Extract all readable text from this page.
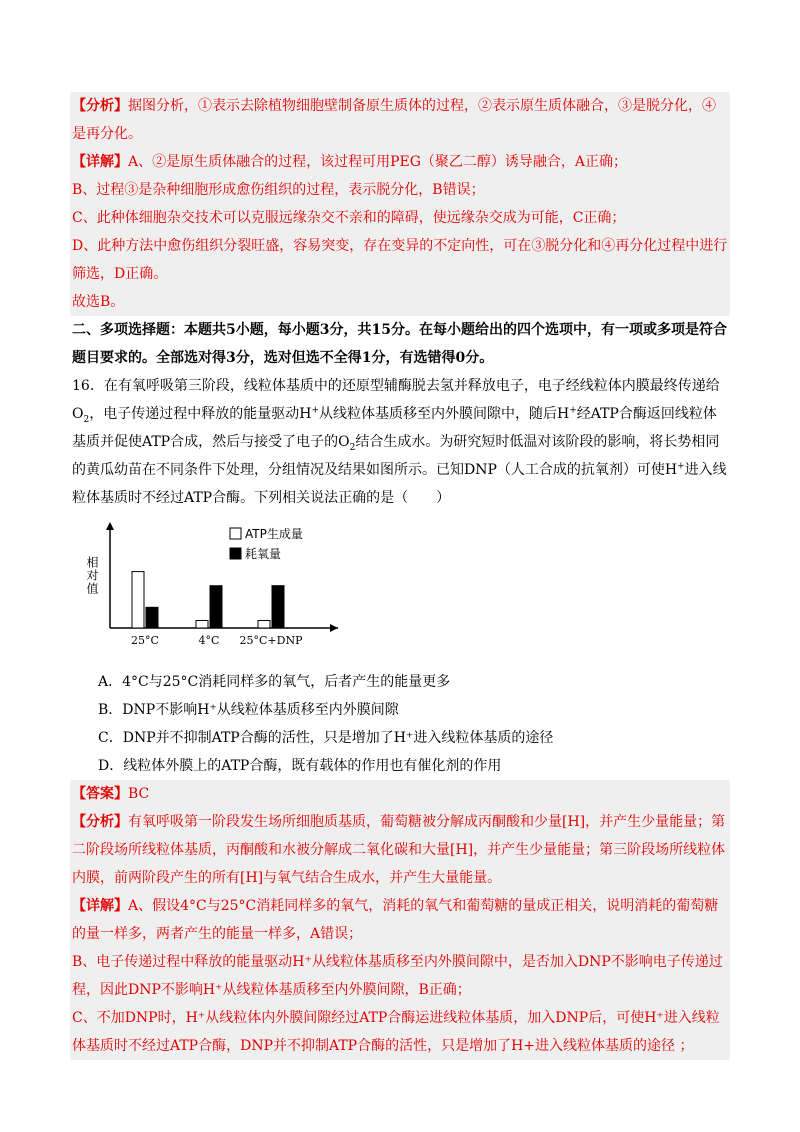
【分析】据图分析，①表示去除植物细胞壁制备原生质体的过程，②表示原生质体融合，③是脱分化，④是再分化。

【详解】A、②是原生质体融合的过程，该过程可用PEG（聚乙二醇）诱导融合，A正确；

B、过程③是杂种细胞形成愈伤组织的过程，表示脱分化，B错误；

C、此种体细胞杂交技术可以克服远缘杂交不亲和的障碍，使远缘杂交成为可能，C正确；

D、此种方法中愈伤组织分裂旺盛，容易突变，存在变异的不定向性，可在③脱分化和④再分化过程中进行筛选，D正确。

故选B。

二、多项选择题：本题共5小题，每小题3分，共15分。在每小题给出的四个选项中，有一项或多项是符合题目要求的。全部选对得3分，选对但选不全得1分，有选错得0分。

16．在有氧呼吸第三阶段，线粒体基质中的还原型辅酶脱去氢并释放电子，电子经线粒体内膜最终传递给$O_2$，电子传递过程中释放的能量驱动H+从线粒体基质移至内外膜间隙中，随后H+经ATP合酶返回线粒体基质并促使ATP合成，然后与接受了电子的$O_2$结合生成水。为研究短时低温对该阶段的影响，将长势相同的黄瓜幼苗在不同条件下处理，分组情况及结果如图所示。已知DNP（人工合成的抗氧剂）可使H+进入线粒体基质时不经过ATP合酶。下列相关说法正确的是（　　）

相对值
25°C	4°C 25°C+DNP
ATP生成量
耗氧量

A．4°C与25°C消耗同样多的氧气，后者产生的能量更多

B．DNP不影响H⁺从线粒体基质移至内外膜间隙

C．DNP并不抑制ATP合酶的活性，只是增加了H⁺进入线粒体基质的途径

D．线粒体外膜上的ATP合酶，既有载体的作用也有催化剂的作用

【答案】BC

【分析】有氧呼吸第一阶段发生场所细胞质基质，葡萄糖被分解成丙酮酸和少量[H]，并产生少量能量；第二阶段场所线粒体基质，丙酮酸和水被分解成二氧化碳和大量[H]，并产生少量能量；第三阶段场所线粒体内膜，前两阶段产生的所有[H]与氧气结合生成水，并产生大量能量。

【详解】A、假设4°C与25°C消耗同样多的氧气，消耗的氧气和葡萄糖的量成正相关，说明消耗的葡萄糖的量一样多，两者产生的能量一样多，A错误；

B、电子传递过程中释放的能量驱动H⁺从线粒体基质移至内外膜间隙中，是否加入DNP不影响电子传递过程，因此DNP不影响H⁺从线粒体基质移至内外膜间隙，B正确；

C、不加DNP时，H⁺从线粒体内外膜间隙经过ATP合酶运进线粒体基质，加入DNP后，可使H⁺进入线粒体基质时不经过ATP合酶，DNP并不抑制ATP合酶的活性，只是增加了H+进入线粒体基质的途径 ；
